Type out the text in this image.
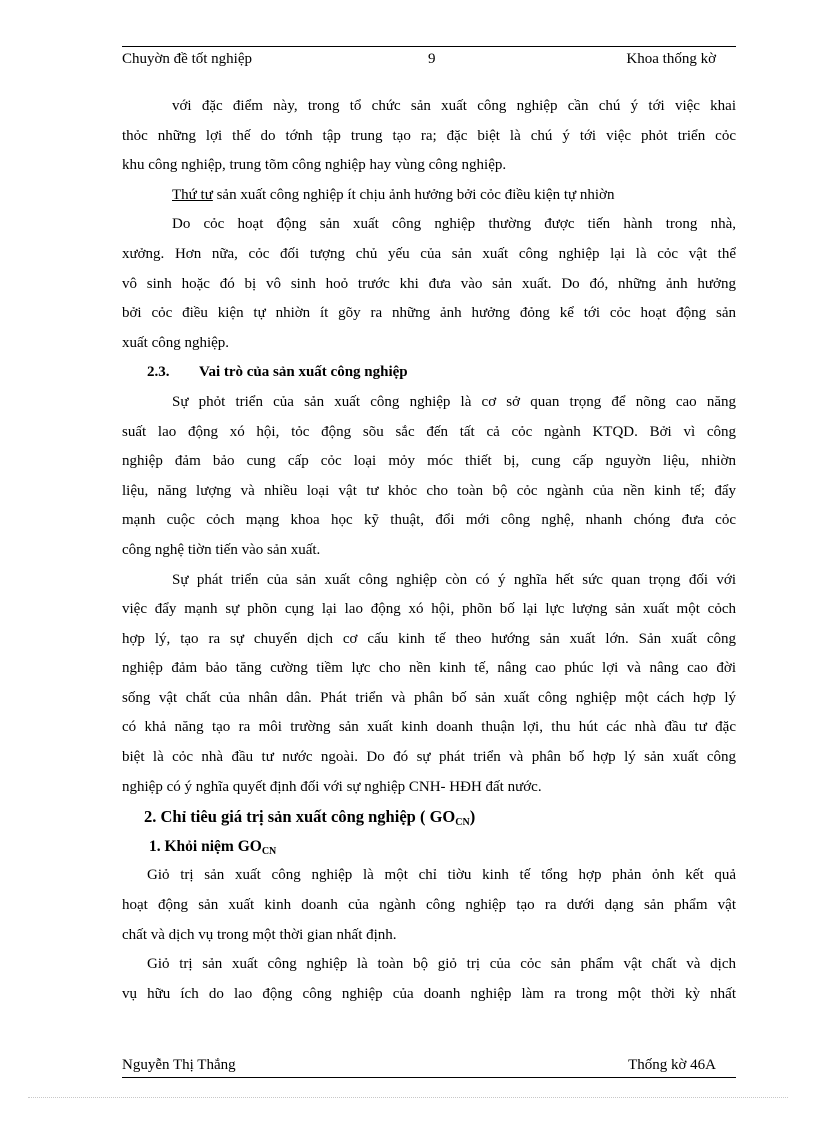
Chuyờn đề tốt nghiệp	9	Khoa thống kờ
với đặc điểm này, trong tổ chức sản xuất công nghiệp cần chú ý tới việc khai
thỏc những lợi thế do tớnh tập trung tạo ra; đặc biệt là chú ý tới việc phỏt triển cỏc
khu công nghiệp, trung tõm công nghiệp hay vùng công nghiệp.
Thứ tư sản xuất công nghiệp ít chịu ảnh hưởng bởi cỏc điều kiện tự nhiờn
Do cỏc hoạt động sản xuất công nghiệp thường được tiến hành trong nhà,
xưởng. Hơn nữa, cỏc đối tượng chủ yếu của sản xuất công nghiệp lại là cỏc vật thể
vô sinh hoặc đó bị vô sinh hoỏ trước khi đưa vào sản xuất. Do đó, những ảnh hưởng
bởi cỏc điều kiện tự nhiờn ít gõy ra những ảnh hưởng đỏng kể tới cỏc hoạt động sản
xuất công nghiệp.
2.3. Vai trò của sản xuất công nghiệp
Sự phỏt triển của sản xuất công nghiệp là cơ sở quan trọng để nõng cao năng
suất lao động xó hội, tỏc động sõu sắc đến tất cả cỏc ngành KTQD. Bởi vì công
nghiệp đảm bảo cung cấp cỏc loại mỏy móc thiết bị, cung cấp nguyờn liệu, nhiờn
liệu, năng lượng và nhiều loại vật tư khỏc cho toàn bộ cỏc ngành của nền kinh tế; đẩy
mạnh cuộc cỏch mạng khoa học kỹ thuật, đổi mới công nghệ, nhanh chóng đưa cỏc
công nghệ tiờn tiến vào sản xuất.
Sự phát triển của sản xuất công nghiệp còn có ý nghĩa hết sức quan trọng đối với
việc đẩy mạnh sự phõn cụng lại lao động xó hội, phõn bố lại lực lượng sản xuất một cỏch
hợp lý, tạo ra sự chuyển dịch cơ cấu kinh tế theo hướng sản xuất lớn. Sản xuất công
nghiệp đảm bảo tăng cường tiềm lực cho nền kinh tế, nâng cao phúc lợi và nâng cao đời
sống vật chất của nhân dân. Phát triển và phân bố sản xuất công nghiệp một cách hợp lý
có khả năng tạo ra môi trường sản xuất kinh doanh thuận lợi, thu hút các nhà đầu tư đặc
biệt là cỏc nhà đầu tư nước ngoài. Do đó sự phát triển và phân bố hợp lý sản xuất công
nghiệp có ý nghĩa quyết định đối với sự nghiệp CNH- HĐH đất nước.
2. Chỉ tiêu giá trị sản xuất công nghiệp ( $GO_{CN}$)
1. Khỏi niệm $GO_{CN}$
Giỏ trị sản xuất công nghiệp là một chỉ tiờu kinh tế tổng hợp phản ỏnh kết quả
hoạt động sản xuất kinh doanh của ngành công nghiệp tạo ra dưới dạng sản phẩm vật
chất và dịch vụ trong một thời gian nhất định.
Giỏ trị sản xuất công nghiệp là toàn bộ giỏ trị của cỏc sản phẩm vật chất và dịch
vụ hữu ích do lao động công nghiệp của doanh nghiệp làm ra trong một thời kỳ nhất
Nguyễn Thị Thắng	Thống kờ 46A
